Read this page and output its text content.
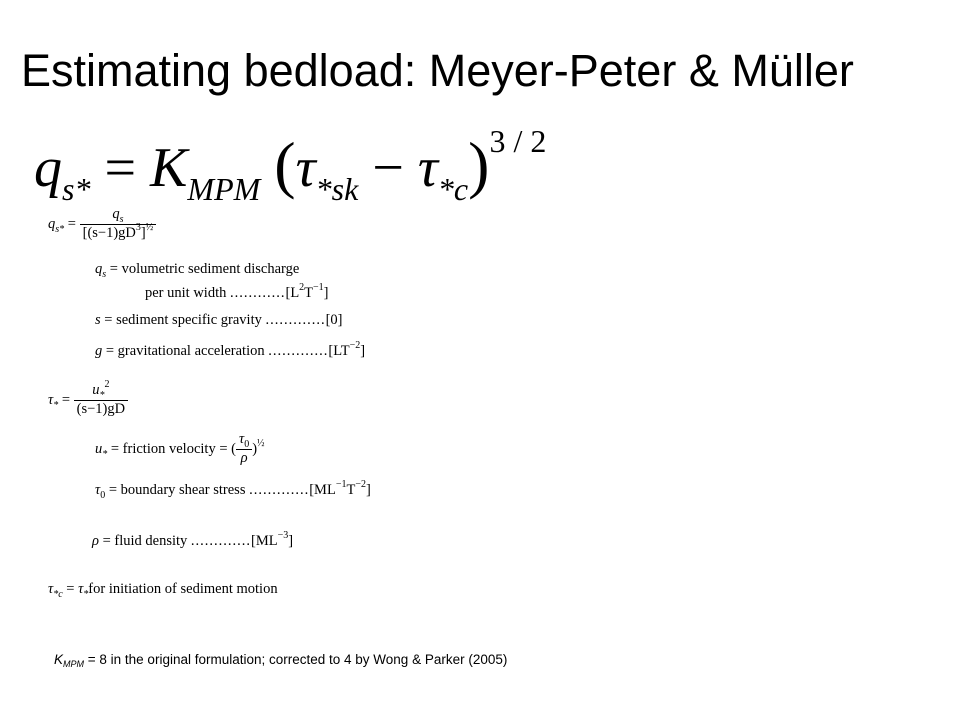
Estimating bedload: Meyer-Peter & Müller
$q_{s*} = K_{MPM}$ $(\tau_{*sk} - \tau_{*c})^{3 / 2}$
$q_{s*} = \frac{q_s}{[(s-1)gD^3]^{\frac{1}{2}}}$
$q_s$ = volumetric sediment discharge
per unit width $............[L^2T^{-1}]$
s = sediment specific gravity .............[0]
g = gravitational acceleration $.............[LT^{-2}]$
$\tau_* = \frac{u_*^2}{(s-1)gD}$
$u_*$ = friction velocity = ( $\frac{\tau_0}{\rho} )^{\frac{1}{2}}$
$\tau_0$ = boundary shear stress $.............[ML^{-1}T^{-2}]$
ρ = fluid density $.............[ML^{-3}]$
$\tau_{*c} = \tau_*for$ initiation of sediment motion

$K_{MPM} = 8$ in the original formulation; corrected to 4 by Wong & Parker (2005)
